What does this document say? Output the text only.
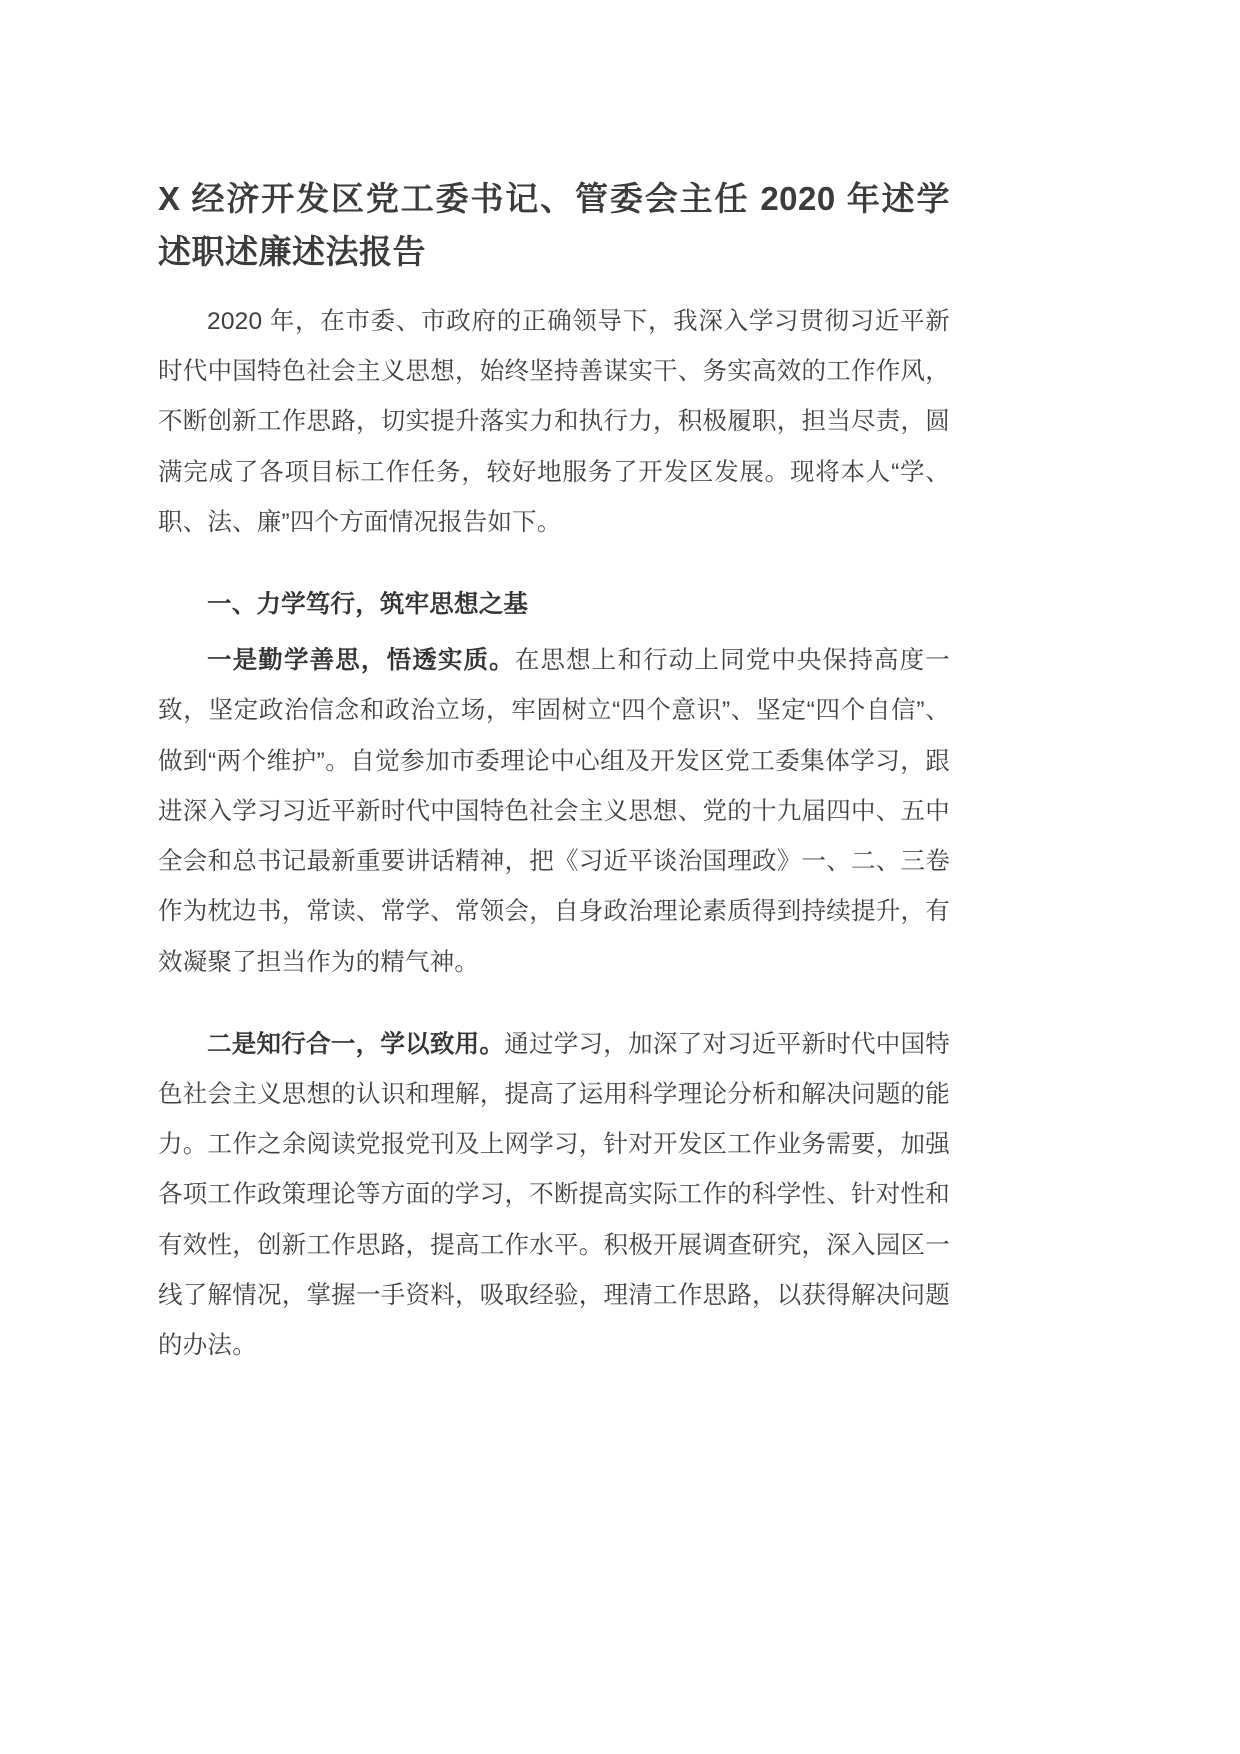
X 经济开发区党工委书记、管委会主任 2020 年述学述职述廉述法报告

2020 年，在市委、市政府的正确领导下，我深入学习贯彻习近平新时代中国特色社会主义思想，始终坚持善谋实干、务实高效的工作作风，不断创新工作思路，切实提升落实力和执行力，积极履职，担当尽责，圆满完成了各项目标工作任务，较好地服务了开发区发展。现将本人“学、职、法、廉”四个方面情况报告如下。

一、力学笃行，筑牢思想之基

一是勤学善思，悟透实质。在思想上和行动上同党中央保持高度一致，坚定政治信念和政治立场，牢固树立“四个意识”、坚定“四个自信”、做到“两个维护”。自觉参加市委理论中心组及开发区党工委集体学习，跟进深入学习习近平新时代中国特色社会主义思想、党的十九届四中、五中全会和总书记最新重要讲话精神，把《习近平谈治国理政》一、二、三卷作为枕边书，常读、常学、常领会，自身政治理论素质得到持续提升，有效凝聚了担当作为的精气神。

二是知行合一，学以致用。通过学习，加深了对习近平新时代中国特色社会主义思想的认识和理解，提高了运用科学理论分析和解决问题的能力。工作之余阅读党报党刊及上网学习，针对开发区工作业务需要，加强各项工作政策理论等方面的学习，不断提高实际工作的科学性、针对性和有效性，创新工作思路，提高工作水平。积极开展调查研究，深入园区一线了解情况，掌握一手资料，吸取经验，理清工作思路，以获得解决问题的办法。
